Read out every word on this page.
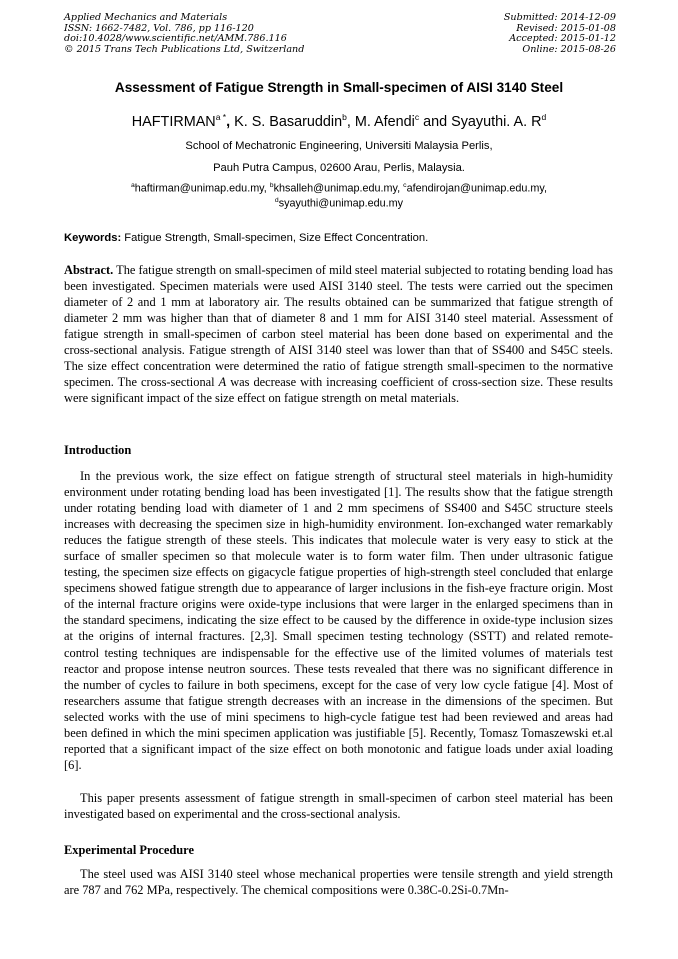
Applied Mechanics and Materials
ISSN: 1662-7482, Vol. 786, pp 116-120
doi:10.4028/www.scientific.net/AMM.786.116
© 2015 Trans Tech Publications Ltd, Switzerland
Submitted: 2014-12-09
Revised: 2015-01-08
Accepted: 2015-01-12
Online: 2015-08-26
Assessment of Fatigue Strength in Small-specimen of AISI 3140 Steel
$HAFTIRMAN^{a *}$, K. S. Basaruddin$^b$, M. Afendi$^c$ and Syayuthi. A. $R^d$
School of Mechatronic Engineering, Universiti Malaysia Perlis,
Pauh Putra Campus, 02600 Arau, Perlis, Malaysia.
$^a$haftirman@unimap.edu.my, $^b$khsalleh@unimap.edu.my, $^c$afendirojan@unimap.edu.my,
$^d$syayuthi@unimap.edu.my
Keywords: Fatigue Strength, Small-specimen, Size Effect Concentration.
Abstract. The fatigue strength on small-specimen of mild steel material subjected to rotating bending load has been investigated. Specimen materials were used AISI 3140 steel. The tests were carried out the specimen diameter of 2 and 1 mm at laboratory air. The results obtained can be summarized that fatigue strength of diameter 2 mm was higher than that of diameter 8 and 1 mm for AISI 3140 steel material. Assessment of fatigue strength in small-specimen of carbon steel material has been done based on experimental and the cross-sectional analysis. Fatigue strength of AISI 3140 steel was lower than that of SS400 and S45C steels. The size effect concentration were determined the ratio of fatigue strength small-specimen to the normative specimen. The cross-sectional A was decrease with increasing coefficient of cross-section size. These results were significant impact of the size effect on fatigue strength on metal materials.
Introduction
In the previous work, the size effect on fatigue strength of structural steel materials in high-humidity environment under rotating bending load has been investigated [1]. The results show that the fatigue strength under rotating bending load with diameter of 1 and 2 mm specimens of SS400 and S45C structure steels increases with decreasing the specimen size in high-humidity environment. Ion-exchanged water remarkably reduces the fatigue strength of these steels. This indicates that molecule water is very easy to stick at the surface of smaller specimen so that molecule water is to form water film. Then under ultrasonic fatigue testing, the specimen size effects on gigacycle fatigue properties of high-strength steel concluded that enlarge specimens showed fatigue strength due to appearance of larger inclusions in the fish-eye fracture origin. Most of the internal fracture origins were oxide-type inclusions that were larger in the enlarged specimens than in the standard specimens, indicating the size effect to be caused by the difference in oxide-type inclusion sizes at the origins of internal fractures. [2,3]. Small specimen testing technology (SSTT) and related remote-control testing techniques are indispensable for the effective use of the limited volumes of materials test reactor and propose intense neutron sources. These tests revealed that there was no significant difference in the number of cycles to failure in both specimens, except for the case of very low cycle fatigue [4]. Most of researchers assume that fatigue strength decreases with an increase in the dimensions of the specimen. But selected works with the use of mini specimens to high-cycle fatigue test had been reviewed and areas had been defined in which the mini specimen application was justifiable [5]. Recently, Tomasz Tomaszewski et.al reported that a significant impact of the size effect on both monotonic and fatigue loads under axial loading [6].
This paper presents assessment of fatigue strength in small-specimen of carbon steel material has been investigated based on experimental and the cross-sectional analysis.
Experimental Procedure
The steel used was AISI 3140 steel whose mechanical properties were tensile strength and yield strength are 787 and 762 MPa, respectively. The chemical compositions were 0.38C-0.2Si-0.7Mn-
